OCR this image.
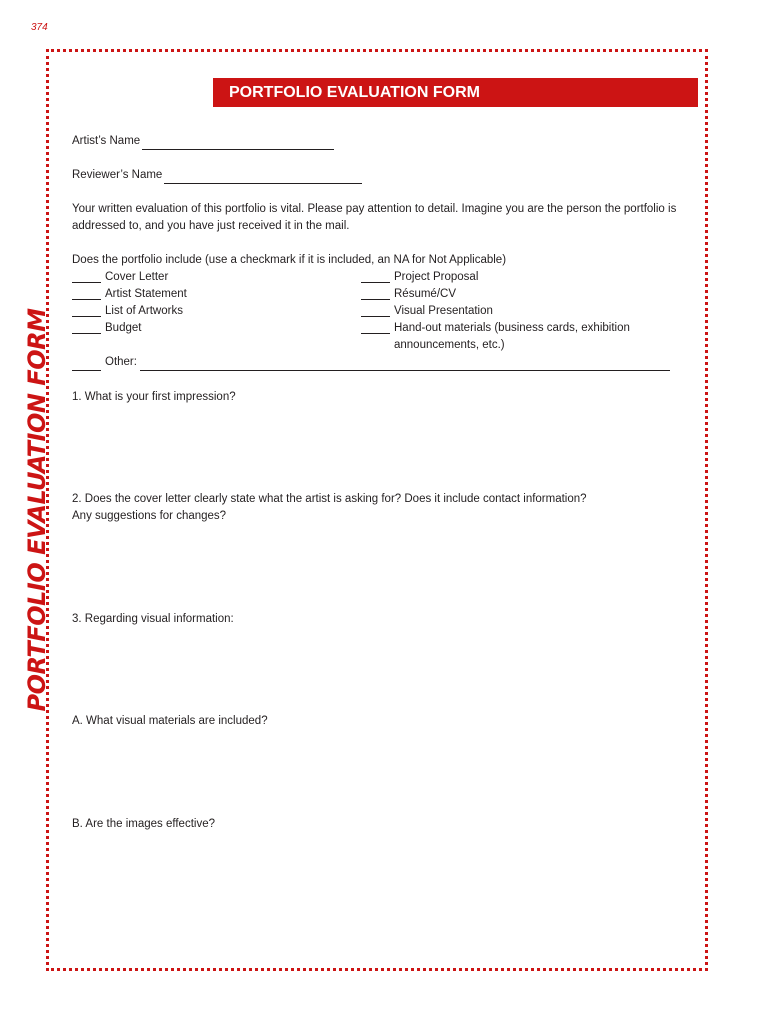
374
PORTFOLIO EVALUATION FORM
PORTFOLIO EVALUATION FORM
Artist’s Name
Reviewer’s Name

Your written evaluation of this portfolio is vital. Please pay attention to detail. Imagine you are the person the portfolio is

addressed to, and you have just received it in the mail.

Does the portfolio include (use a checkmark if it is included, an NA for Not Applicable)
Cover Letter
Artist Statement
List of Artworks
Budget
Project Proposal
Résumé/CV
Visual Presentation
Hand-out materials (business cards, exhibition
announcements, etc.)
Other:

1. What is your first impression?

2. Does the cover letter clearly state what the artist is asking for? Does it include contact information?

Any suggestions for changes?

3. Regarding visual information:

A. What visual materials are included?

B. Are the images effective?
